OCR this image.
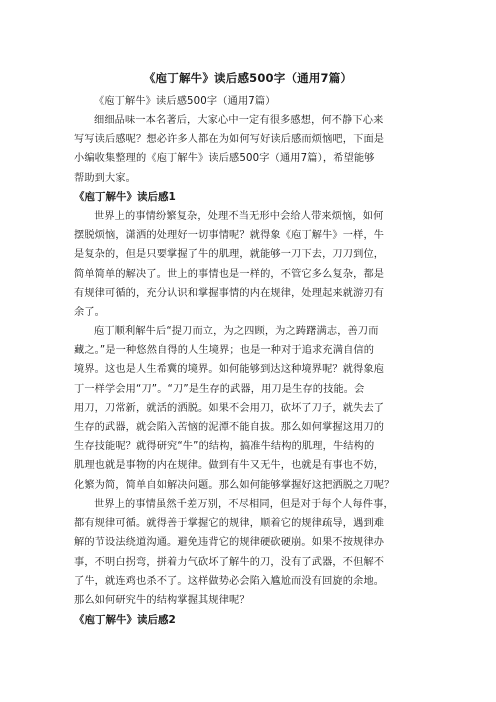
《庖丁解牛》读后感500字（通用7篇）
《庖丁解牛》读后感500字（通用7篇）
细细品味一本名著后，大家心中一定有很多感想，何不静下心来
写写读后感呢？想必许多人都在为如何写好读后感而烦恼吧，下面是
小编收集整理的《庖丁解牛》读后感500字（通用7篇），希望能够
帮助到大家。
《庖丁解牛》读后感1
世界上的事情纷繁复杂，处理不当无形中会给人带来烦恼，如何
摆脱烦恼，潇洒的处理好一切事情呢？就得象《庖丁解牛》一样，牛
是复杂的，但是只要掌握了牛的肌理，就能够一刀下去，刀刀到位，
简单简单的解决了。世上的事情也是一样的，不管它多么复杂，都是
有规律可循的，充分认识和掌握事情的内在规律，处理起来就游刃有
余了。
庖丁顺利解牛后“提刀而立，为之四顾，为之踌躇满志，善刀而
藏之。”是一种悠然自得的人生境界；也是一种对于追求充满自信的
境界。这也是人生希冀的境界。如何能够到达这种境界呢？就得象庖
丁一样学会用“刀”。“刀”是生存的武器，用刀是生存的技能。会
用刀，刀常新，就活的洒脱。如果不会用刀，砍坏了刀子，就失去了
生存的武器，就会陷入苦恼的泥潭不能自拔。那么如何掌握这用刀的
生存技能呢？就得研究“牛”的结构，搞准牛结构的肌理，牛结构的
肌理也就是事物的内在规律。做到有牛又无牛，也就是有事也不妨，
化繁为简，简单自如解决问题。那么如何能够掌握好这把洒脱之刀呢？
世界上的事情虽然千差万别，不尽相同，但是对于每个人每件事，
都有规律可循。就得善于掌握它的规律，顺着它的规律疏导，遇到难
解的节设法绕道沟通。避免违背它的规律硬砍硬崩。如果不按规律办
事，不明白拐弯，拼着力气砍坏了解牛的刀，没有了武器，不但解不
了牛，就连鸡也杀不了。这样做势必会陷入尴尬而没有回旋的余地。
那么如何研究牛的结构掌握其规律呢？
《庖丁解牛》读后感2
